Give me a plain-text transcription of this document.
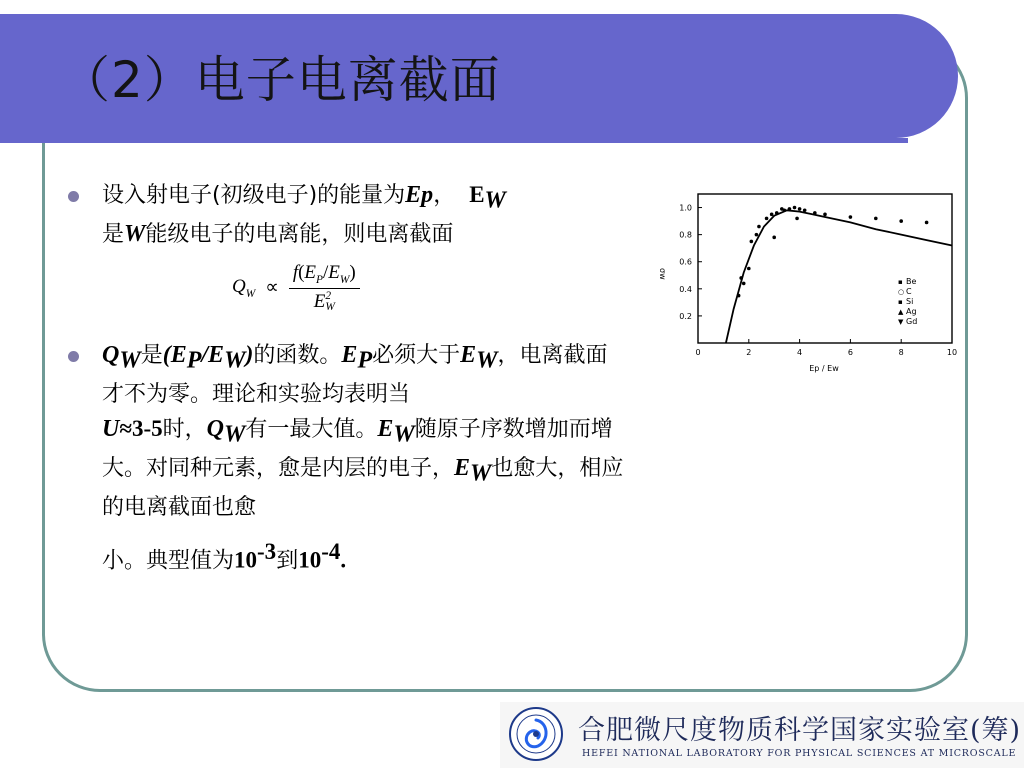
（2）电子电离截面

设入射电子(初级电子)的能量为Ep， $E_W$
是W能级电子的电离能，则电离截面

$Q_W$是$(E_P/E_W)$的函数。$E_P$必须大于$E_W$，电离截面才不为零。理论和实验均表明当
U≈3-5时，$Q_W$有一最大值。$E_W$随原子序数增加而增大。对同种元素，愈是内层的电子，$E_W$也愈大，相应的电离截面也愈
小。典型值为$10^{-3}$到$10^{-4}$.

$Q_W \propto f(E_P/E_W)$
E 2
W
0	2	4	6	8	10
1.0
0.8
0.6
0.4
0.2
▪ Be
○ C
▪ Si
▲ Ag
▼ Gd
σw
Ep / Ew
合肥微尺度物质科学国家实验室(筹)
HEFEI NATIONAL LABORATORY FOR PHYSICAL SCIENCES AT MICROSCALE
